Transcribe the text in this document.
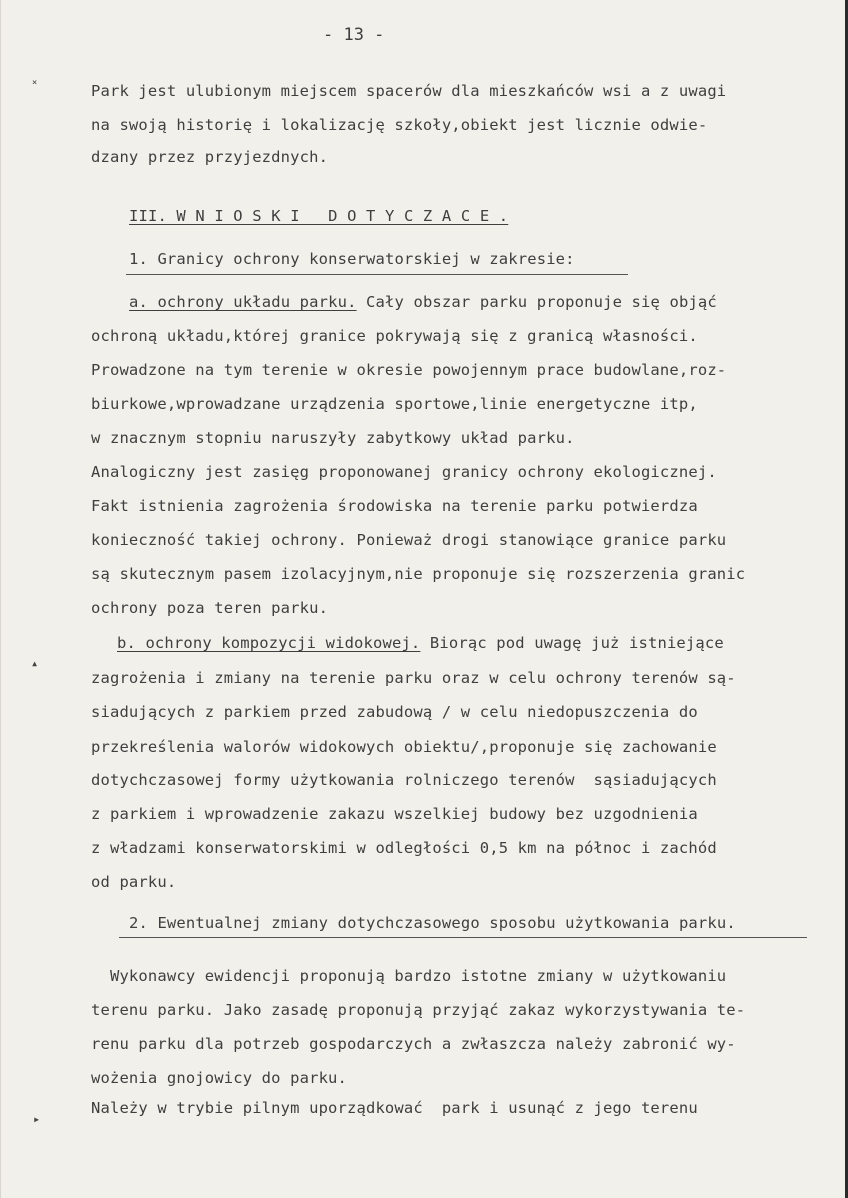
- 13 -
˟	Park jest ulubionym miejscem spacerów dla mieszkańców wsi a z uwagi
na swoją historię i lokalizację szkoły,obiekt jest licznie odwie-
dzany przez przyjezdnych.
III. W N I O S K I   D O T Y C Z A C E .
1. Granicy ochrony konserwatorskiej w zakresie:
a. ochrony układu parku. Cały obszar parku proponuje się objąć
ochroną układu,której granice pokrywają się z granicą własności.
Prowadzone na tym terenie w okresie powojennym prace budowlane,roz-
biurkowe,wprowadzane urządzenia sportowe,linie energetyczne itp,
w znacznym stopniu naruszyły zabytkowy układ parku.
Analogiczny jest zasięg proponowanej granicy ochrony ekologicznej.
Fakt istnienia zagrożenia środowiska na terenie parku potwierdza
konieczność takiej ochrony. Ponieważ drogi stanowiące granice parku
są skutecznym pasem izolacyjnym,nie proponuje się rozszerzenia granic
ochrony poza teren parku.
b. ochrony kompozycji widokowej. Biorąc pod uwagę już istniejące
▴
zagrożenia i zmiany na terenie parku oraz w celu ochrony terenów są-
siadujących z parkiem przed zabudową / w celu niedopuszczenia do
przekreślenia walorów widokowych obiektu/,proponuje się zachowanie
dotychczasowej formy użytkowania rolniczego terenów  sąsiadujących
z parkiem i wprowadzenie zakazu wszelkiej budowy bez uzgodnienia
z władzami konserwatorskimi w odległości 0,5 km na północ i zachód
od parku.
2. Ewentualnej zmiany dotychczasowego sposobu użytkowania parku.
Wykonawcy ewidencji proponują bardzo istotne zmiany w użytkowaniu
terenu parku. Jako zasadę proponują przyjąć zakaz wykorzystywania te-
renu parku dla potrzeb gospodarczych a zwłaszcza należy zabronić wy-
wożenia gnojowicy do parku.
Należy w trybie pilnym uporządkować  park i usunąć z jego terenu
▸
